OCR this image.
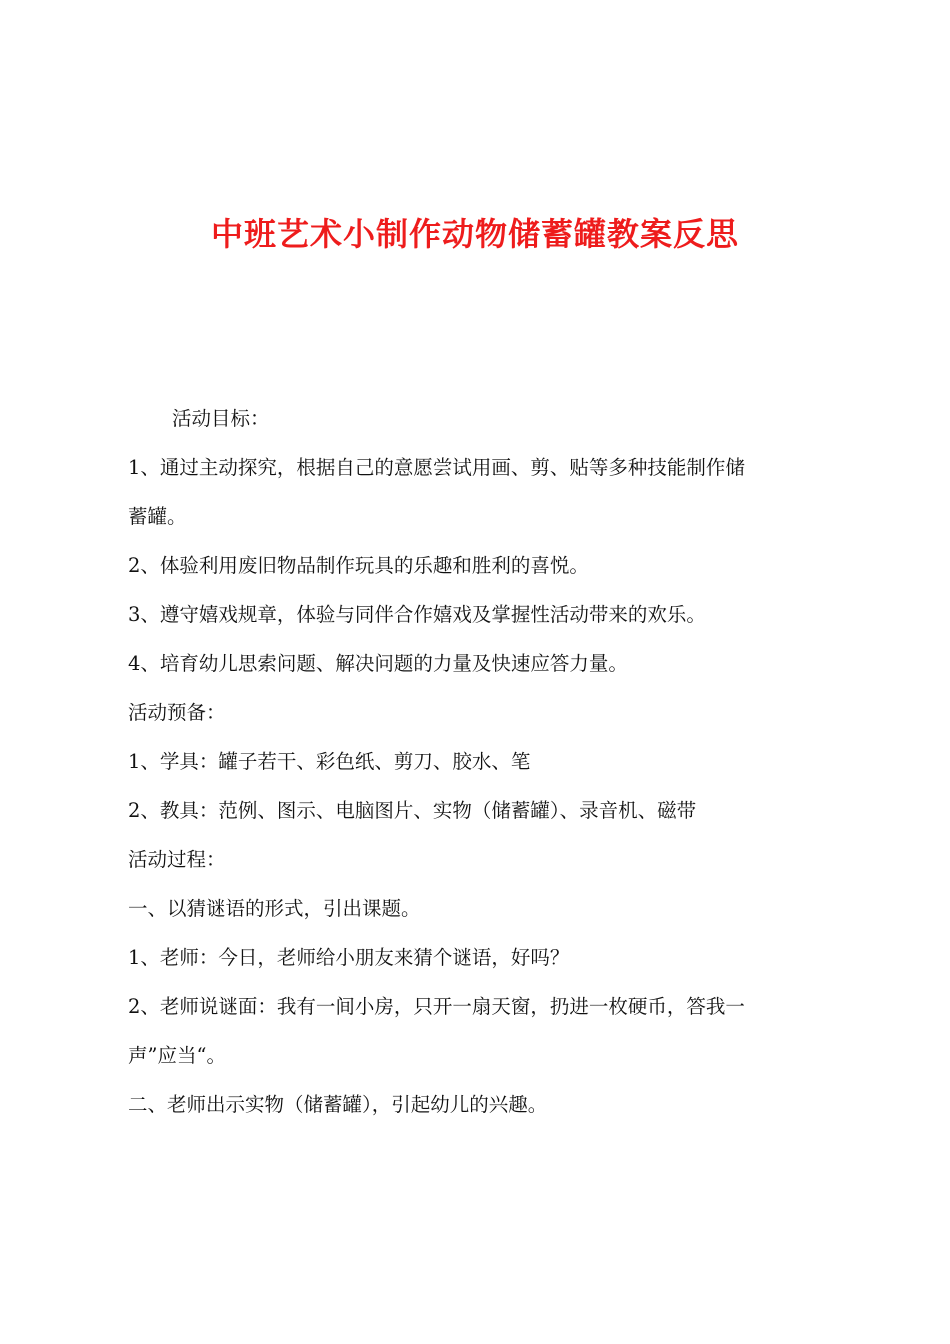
中班艺术小制作动物储蓄罐教案反思

活动目标：

1、通过主动探究，根据自己的意愿尝试用画、剪、贴等多种技能制作储

蓄罐。

2、体验利用废旧物品制作玩具的乐趣和胜利的喜悦。

3、遵守嬉戏规章，体验与同伴合作嬉戏及掌握性活动带来的欢乐。

4、培育幼儿思索问题、解决问题的力量及快速应答力量。

活动预备：

1、学具：罐子若干、彩色纸、剪刀、胶水、笔

2、教具：范例、图示、电脑图片、实物（储蓄罐）、录音机、磁带

活动过程：

一、以猜谜语的形式，引出课题。

1、老师：今日，老师给小朋友来猜个谜语，好吗？

2、老师说谜面：我有一间小房，只开一扇天窗，扔进一枚硬币，答我一

声”应当“。

二、老师出示实物（储蓄罐），引起幼儿的兴趣。
